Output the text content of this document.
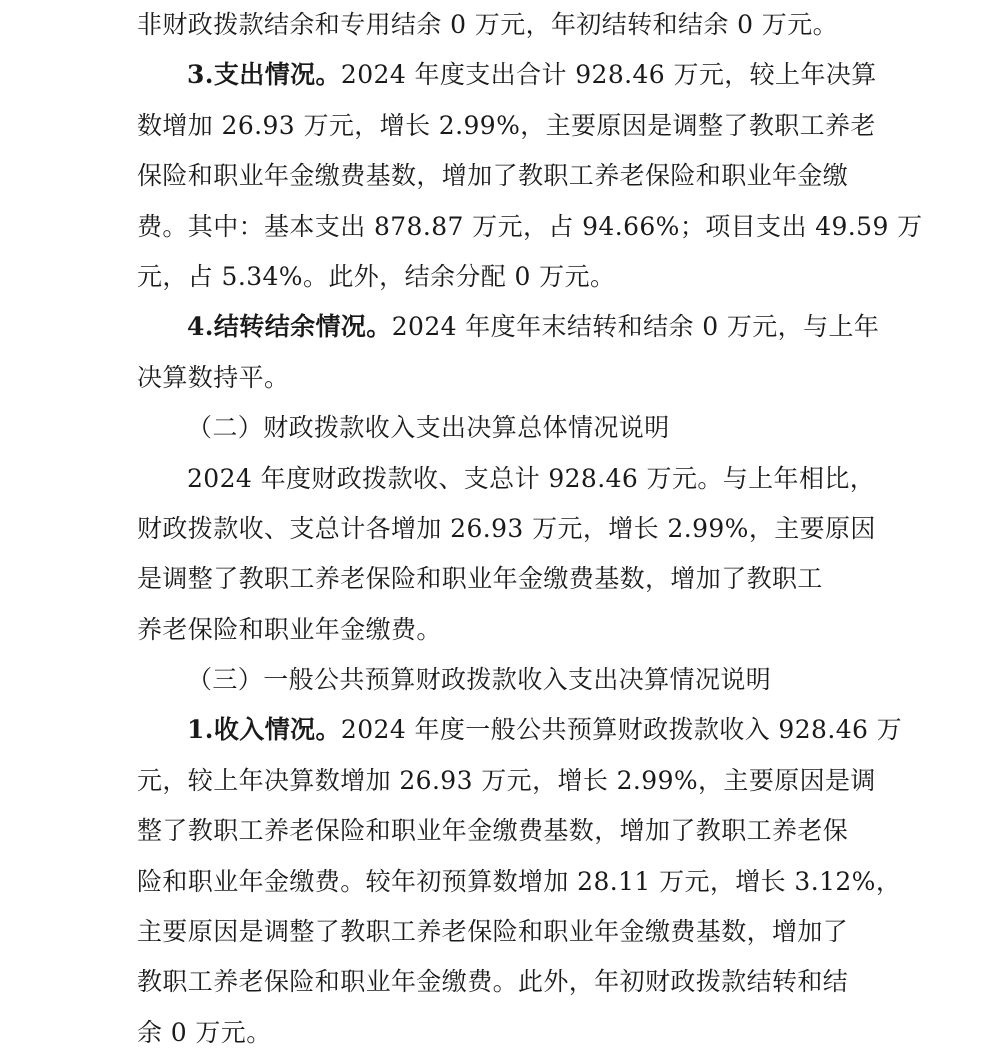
非财政拨款结余和专用结余 0 万元，年初结转和结余 0 万元。
3.支出情况。2024 年度支出合计 928.46 万元，较上年决算
数增加 26.93 万元，增长 2.99%，主要原因是调整了教职工养老
保险和职业年金缴费基数，增加了教职工养老保险和职业年金缴
费。其中：基本支出 878.87 万元，占 94.66%；项目支出 49.59 万
元，占 5.34%。此外，结余分配 0 万元。
4.结转结余情况。2024 年度年末结转和结余 0 万元，与上年
决算数持平。
（二）财政拨款收入支出决算总体情况说明
2024 年度财政拨款收、支总计 928.46 万元。与上年相比，
财政拨款收、支总计各增加 26.93 万元，增长 2.99%，主要原因
是调整了教职工养老保险和职业年金缴费基数，增加了教职工
养老保险和职业年金缴费。
（三）一般公共预算财政拨款收入支出决算情况说明
1.收入情况。2024 年度一般公共预算财政拨款收入 928.46 万
元，较上年决算数增加 26.93 万元，增长 2.99%，主要原因是调
整了教职工养老保险和职业年金缴费基数，增加了教职工养老保
险和职业年金缴费。较年初预算数增加 28.11 万元，增长 3.12%，
主要原因是调整了教职工养老保险和职业年金缴费基数，增加了
教职工养老保险和职业年金缴费。此外，年初财政拨款结转和结
余 0 万元。
